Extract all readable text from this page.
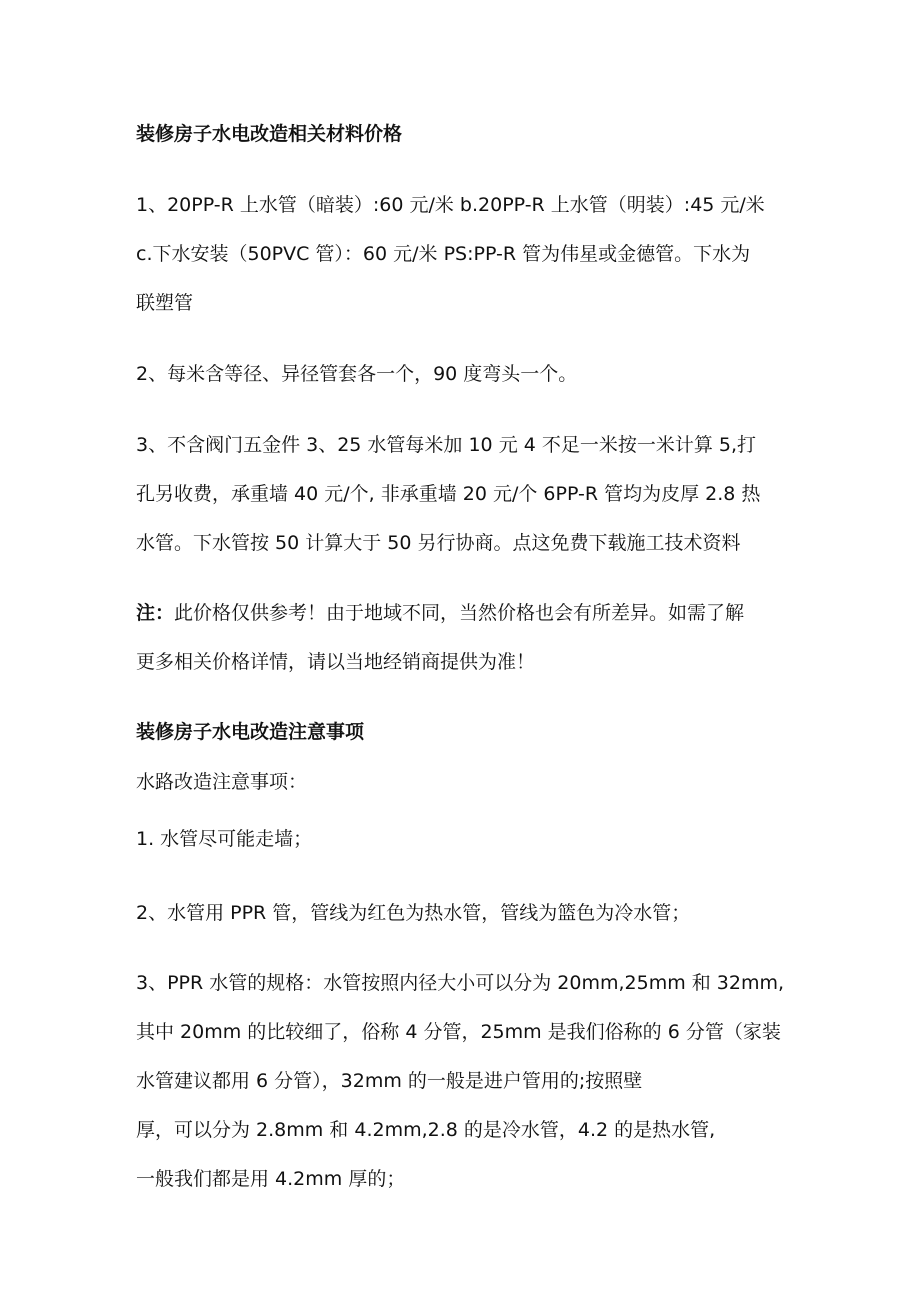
装修房子水电改造相关材料价格

1、20PP-R 上水管（暗装）:60 元/米 b.20PP-R 上水管（明装）:45 元/米

c.下水安装（50PVC 管）：60 元/米 PS:PP-R 管为伟星或金德管。下水为

联塑管

2、每米含等径、异径管套各一个，90 度弯头一个。

3、不含阀门五金件 3、25 水管每米加 10 元 4 不足一米按一米计算 5,打

孔另收费，承重墙 40 元/个, 非承重墙 20 元/个 6PP-R 管均为皮厚 2.8 热

水管。下水管按 50 计算大于 50 另行协商。点这免费下载施工技术资料

注：此价格仅供参考！由于地域不同，当然价格也会有所差异。如需了解

更多相关价格详情，请以当地经销商提供为准！

装修房子水电改造注意事项

水路改造注意事项：

1. 水管尽可能走墙；

2、水管用 PPR 管，管线为红色为热水管，管线为篮色为冷水管；

3、PPR 水管的规格：水管按照内径大小可以分为 20mm,25mm 和 32mm,

其中 20mm 的比较细了，俗称 4 分管，25mm 是我们俗称的 6 分管（家装

水管建议都用 6 分管），32mm 的一般是进户管用的;按照壁

厚，可以分为 2.8mm 和 4.2mm,2.8 的是冷水管，4.2 的是热水管,

一般我们都是用 4.2mm 厚的；
